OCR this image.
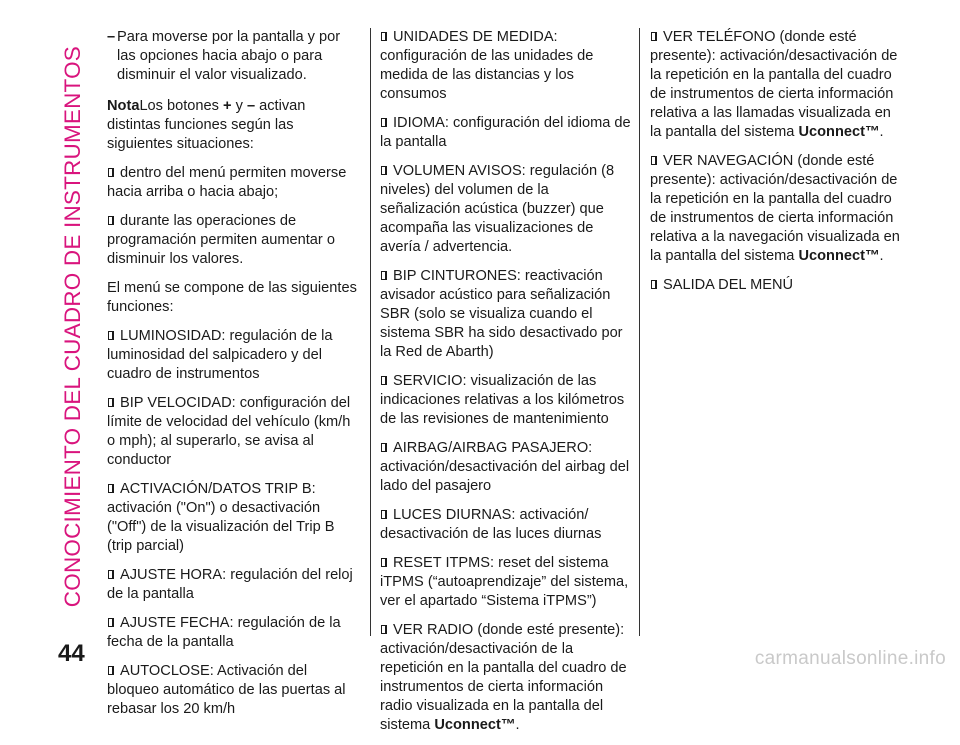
CONOCIMIENTO DEL CUADRO DE INSTRUMENTOS
– Para moverse por la pantalla y por las opciones hacia abajo o para disminuir el valor visualizado.

NotaLos botones + y – activan distintas funciones según las siguientes situaciones:

dentro del menú permiten moverse hacia arriba o hacia abajo;

durante las operaciones de programación permiten aumentar o disminuir los valores.

El menú se compone de las siguientes funciones:

LUMINOSIDAD: regulación de la luminosidad del salpicadero y del cuadro de instrumentos

BIP VELOCIDAD: configuración del límite de velocidad del vehículo (km/h o mph); al superarlo, se avisa al conductor

ACTIVACIÓN/DATOS TRIP B: activación ("On") o desactivación ("Off") de la visualización del Trip B (trip parcial)

AJUSTE HORA: regulación del reloj de la pantalla

AJUSTE FECHA: regulación de la fecha de la pantalla

AUTOCLOSE: Activación del bloqueo automático de las puertas al rebasar los 20 km/h

UNIDADES DE MEDIDA: configuración de las unidades de medida de las distancias y los consumos

IDIOMA: configuración del idioma de la pantalla

VOLUMEN AVISOS: regulación (8 niveles) del volumen de la señalización acústica (buzzer) que acompaña las visualizaciones de avería / advertencia.

BIP CINTURONES: reactivación avisador acústico para señalización SBR (solo se visualiza cuando el sistema SBR ha sido desactivado por la Red de Abarth)

SERVICIO: visualización de las indicaciones relativas a los kilómetros de las revisiones de mantenimiento

AIRBAG/AIRBAG PASAJERO: activación/desactivación del airbag del lado del pasajero

LUCES DIURNAS: activación/ desactivación de las luces diurnas

RESET ITPMS: reset del sistema iTPMS (“autoaprendizaje” del sistema, ver el apartado “Sistema iTPMS”)

VER RADIO (donde esté presente): activación/desactivación de la repetición en la pantalla del cuadro de instrumentos de cierta información radio visualizada en la pantalla del sistema Uconnect™.

VER TELÉFONO (donde esté presente): activación/desactivación de la repetición en la pantalla del cuadro de instrumentos de cierta información relativa a las llamadas visualizada en la pantalla del sistema Uconnect™.

VER NAVEGACIÓN (donde esté presente): activación/desactivación de la repetición en la pantalla del cuadro de instrumentos de cierta información relativa a la navegación visualizada en la pantalla del sistema Uconnect™.

SALIDA DEL MENÚ

44	carmanualsonline.info
